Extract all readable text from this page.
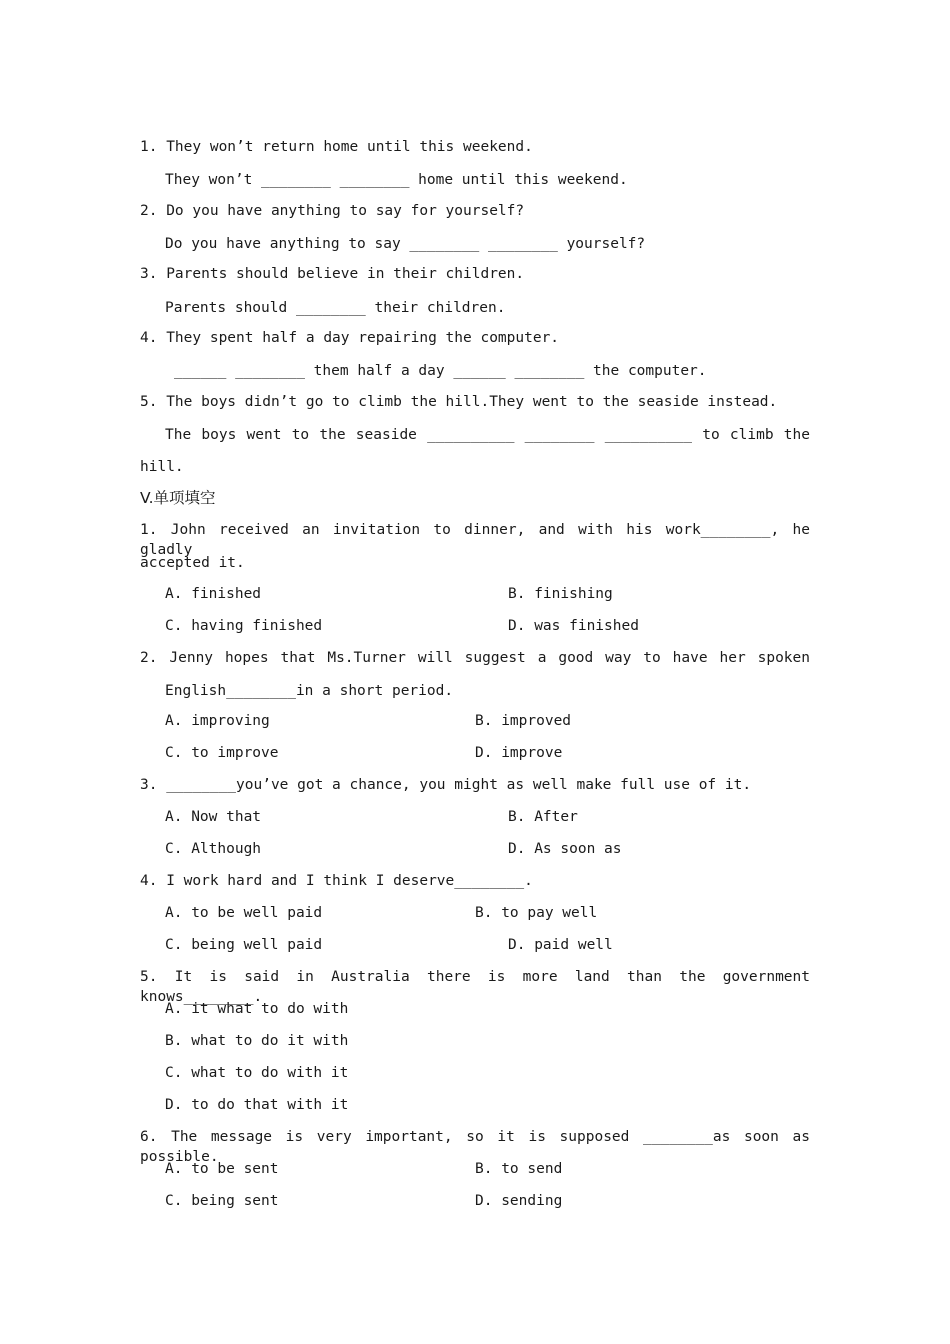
1. They won’t return home until this weekend.
They won’t ________ ________ home until this weekend.
2. Do you have anything to say for yourself?
Do you have anything to say ________ ________ yourself?
3. Parents should believe in their children.
Parents should ________ their children.
4. They spent half a day repairing the computer.
______ ________ them half a day ______ ________ the computer.
5. The boys didn’t go to climb the hill.They went to the seaside instead.
The boys went to the seaside __________ ________ __________ to climb the
hill.
V.单项填空
1. John received an invitation to dinner, and with his work________, he gladly
accepted it.
A. finished	B. finishing
C. having finished	D. was finished
2. Jenny hopes that Ms.Turner will suggest a good way to have her spoken
English________in a short period.
A. improving	B. improved
C. to improve	D. improve
3. ________you’ve got a chance, you might as well make full use of it.
A. Now that	B. After
C. Although	D. As soon as
4. I work hard and I think I deserve________.
A. to be well paid	B. to pay well
C. being well paid	D. paid well
5. It is said in Australia there is more land than the government knows________.
A. it what to do with
B. what to do it with
C. what to do with it
D. to do that with it
6. The message is very important, so it is supposed ________as soon as possible.
A. to be sent	B. to send
C. being sent	D. sending
